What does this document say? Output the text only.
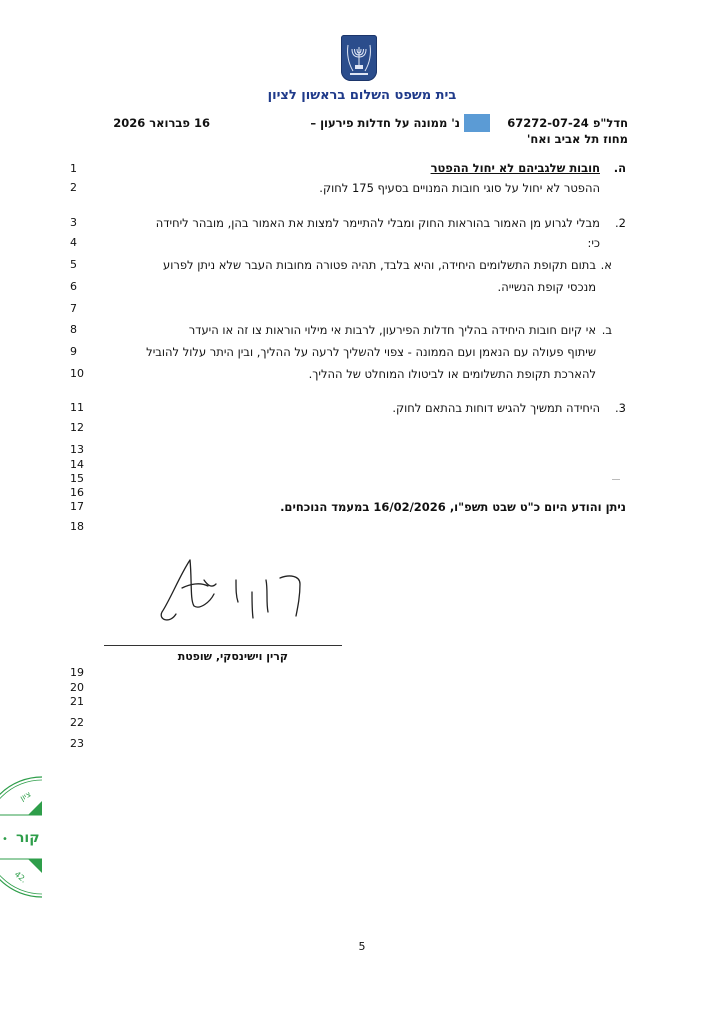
בית משפט השלום בראשון לציון
חדל"פ 67272-07-24
נ' ממונה על חדלות פירעון –
מחוז תל אביב ואח'
16 פברואר 2026
1
2
3
4
5
6
7
8
9
10
11
12
13
14
15
16
17
18
19
20
21
22
23
ה.
חובות שלגביהם לא יחול ההפטר
ההפטר לא יחול על סוגי חובות המנויים בסעיף 175 לחוק.
.2
מבלי לגרוע מן האמור בהוראות החוק ומבלי להתיימר למצות את האמור בהן, מובהר ליחידה
כי:
א.
בתום תקופת התשלומים היחידה, והיא בלבד, תהיה פטורה מחובות העבר שלא ניתן לפרוע
מנכסי קופת הנשייה.
ב.
אי קיום חובות היחידה בהליך חדלות הפירעון, לרבות אי מילוי הוראות צו זה או היעדר
שיתוף פעולה עם הנאמן ועם הממונה - צפוי להשליך לרעה על ההליך, ובין היתר עלול להוביל
להארכת תקופת התשלומים או לביטולו המוחלט של ההליך.
.3
היחידה תמשיך להגיש דוחות בהתאם לחוק.
ניתן והודע היום כ"ט שבט תשפ"ו, 16/02/2026 במעמד הנוכחים.
קרין וישינסקי, שופטת
קור
•
ציון
42.
5
